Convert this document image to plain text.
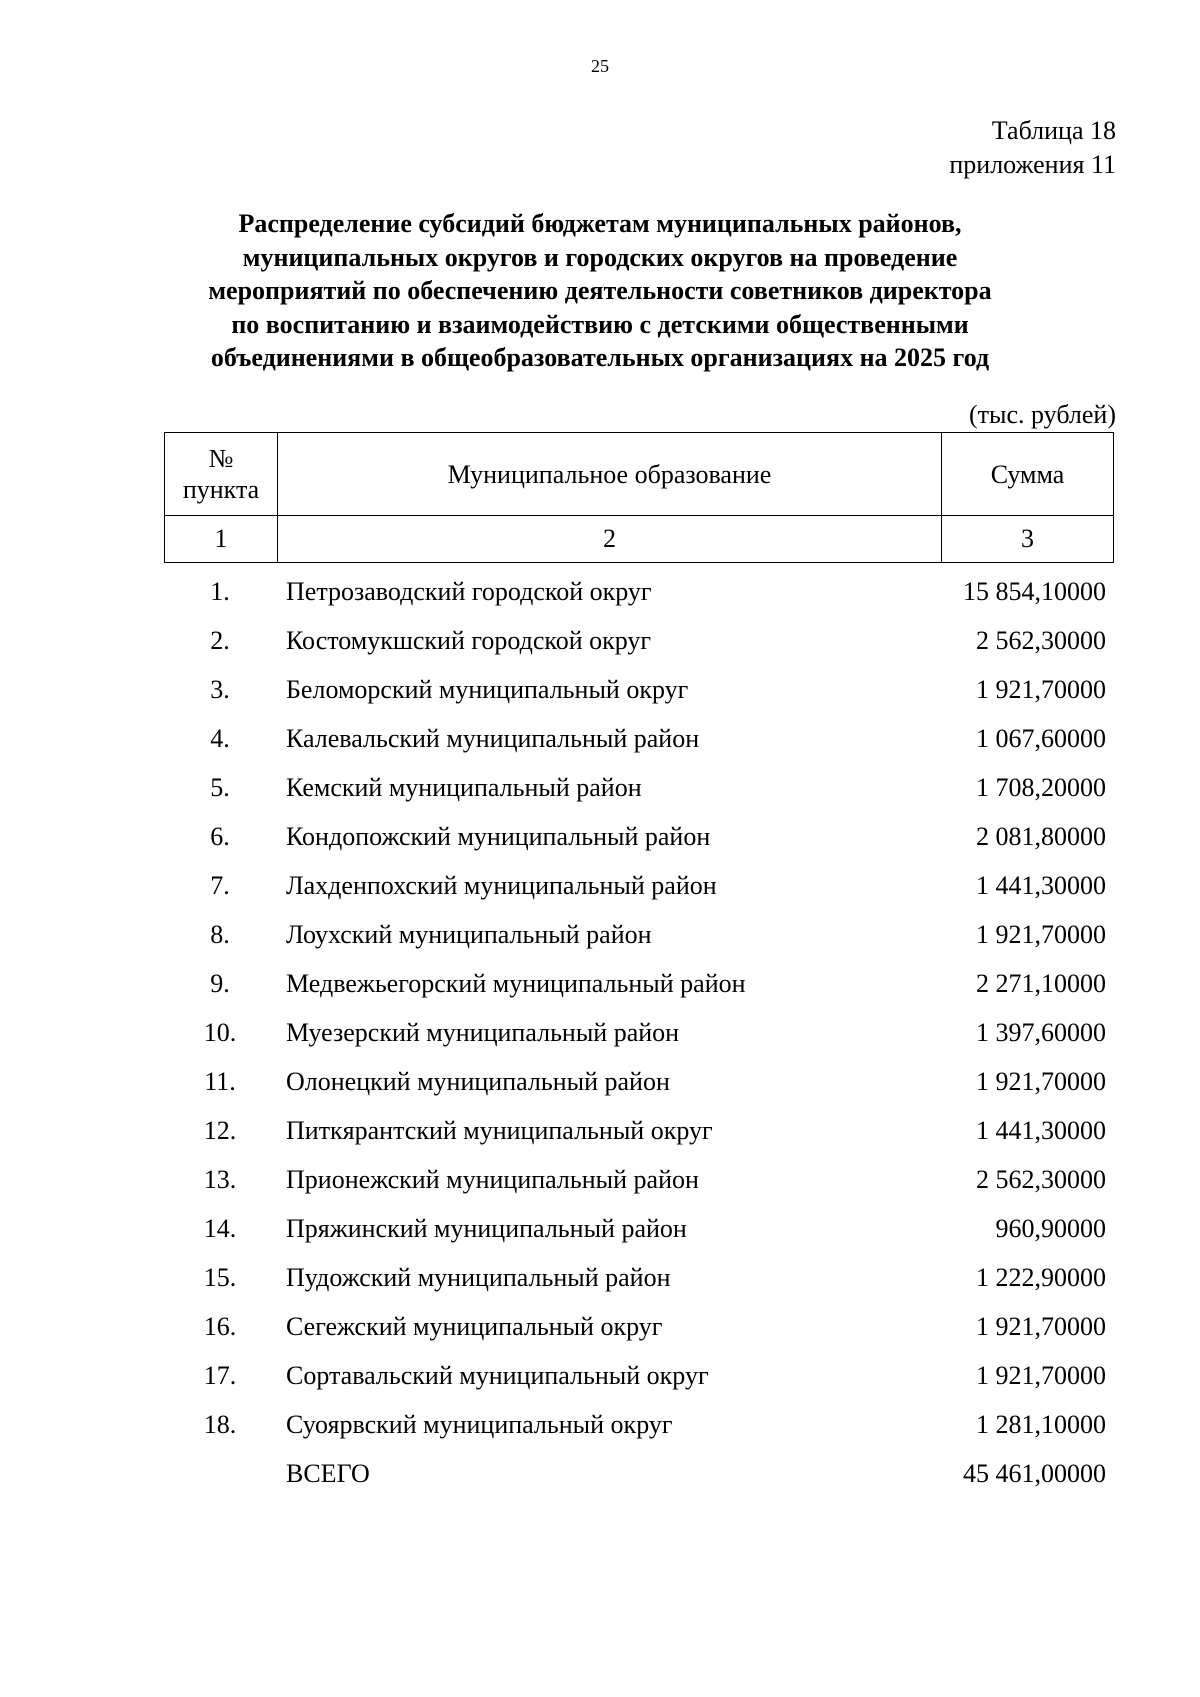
25
Таблица 18
приложения 11
Распределение субсидий бюджетам муниципальных районов,
муниципальных округов и городских округов на проведение
мероприятий по обеспечению деятельности советников директора
по воспитанию и взаимодействию с детскими общественными
объединениями в общеобразовательных организациях на 2025 год
(тыс. рублей)
№
пункта	Муниципальное образование	Сумма
1	2	3
1.	Петрозаводский городской округ	15 854,10000
2.	Костомукшский городской округ	2 562,30000
3.	Беломорский муниципальный округ	1 921,70000
4.	Калевальский муниципальный район	1 067,60000
5.	Кемский муниципальный район	1 708,20000
6.	Кондопожский муниципальный район	2 081,80000
7.	Лахденпохский муниципальный район	1 441,30000
8.	Лоухский муниципальный район	1 921,70000
9.	Медвежьегорский муниципальный район	2 271,10000
10.	Муезерский муниципальный район	1 397,60000
11.	Олонецкий муниципальный район	1 921,70000
12.	Питкярантский муниципальный округ	1 441,30000
13.	Прионежский муниципальный район	2 562,30000
14.	Пряжинский муниципальный район	960,90000
15.	Пудожский муниципальный район	1 222,90000
16.	Сегежский муниципальный округ	1 921,70000
17.	Сортавальский муниципальный округ	1 921,70000
18.	Суоярвский муниципальный округ	1 281,10000
ВСЕГО	45 461,00000
